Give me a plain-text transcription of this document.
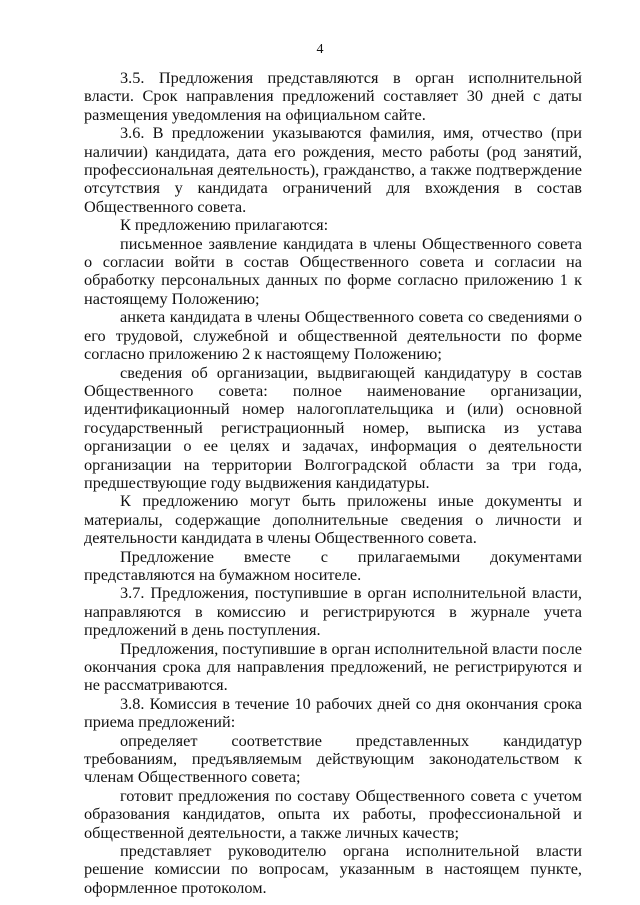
4

3.5. Предложения представляются в орган исполнительной власти. Срок направления предложений составляет 30 дней с даты размещения уведомления на официальном сайте.

3.6. В предложении указываются фамилия, имя, отчество (при наличии) кандидата, дата его рождения, место работы (род занятий, профессиональная деятельность), гражданство, а также подтверждение отсутствия у кандидата ограничений для вхождения в состав Общественного совета.

К предложению прилагаются:

письменное заявление кандидата в члены Общественного совета о согласии войти в состав Общественного совета и согласии на обработку персональных данных по форме согласно приложению 1 к настоящему Положению;

анкета кандидата в члены Общественного совета со сведениями о его трудовой, служебной и общественной деятельности по форме согласно приложению 2 к настоящему Положению;

сведения об организации, выдвигающей кандидатуру в состав Общественного совета: полное наименование организации, идентификационный номер налогоплательщика и (или) основной государственный регистрационный номер, выписка из устава организации о ее целях и задачах, информация о деятельности организации на территории Волгоградской области за три года, предшествующие году выдвижения кандидатуры.

К предложению могут быть приложены иные документы и материалы, содержащие дополнительные сведения о личности и деятельности кандидата в члены Общественного совета.

Предложение вместе с прилагаемыми документами представляются на бумажном носителе.

3.7. Предложения, поступившие в орган исполнительной власти, направляются в комиссию и регистрируются в журнале учета предложений в день поступления.

Предложения, поступившие в орган исполнительной власти после окончания срока для направления предложений, не регистрируются и не рассматриваются.

3.8. Комиссия в течение 10 рабочих дней со дня окончания срока приема предложений:

определяет соответствие представленных кандидатур требованиям, предъявляемым действующим законодательством к членам Общественного совета;

готовит предложения по составу Общественного совета с учетом образования кандидатов, опыта их работы, профессиональной и общественной деятельности, а также личных качеств;

представляет руководителю органа исполнительной власти решение комиссии по вопросам, указанным в настоящем пункте, оформленное протоколом.
